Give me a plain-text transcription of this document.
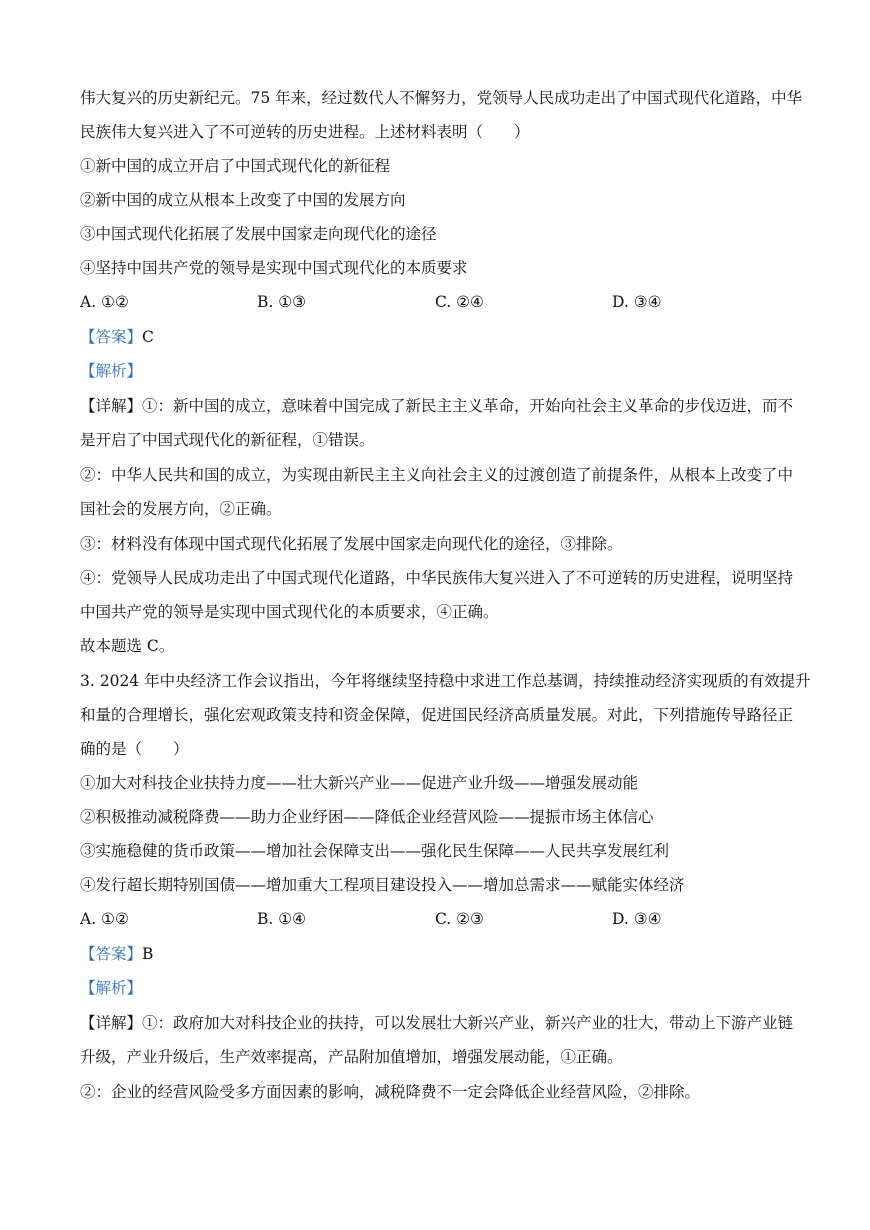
伟大复兴的历史新纪元。75 年来，经过数代人不懈努力，党领导人民成功走出了中国式现代化道路，中华
民族伟大复兴进入了不可逆转的历史进程。上述材料表明（　　）
①新中国的成立开启了中国式现代化的新征程
②新中国的成立从根本上改变了中国的发展方向
③中国式现代化拓展了发展中国家走向现代化的途径
④坚持中国共产党的领导是实现中国式现代化的本质要求
A. ①②	B. ①③	C. ②④	D. ③④
【答案】C
【解析】
【详解】①：新中国的成立，意味着中国完成了新民主主义革命，开始向社会主义革命的步伐迈进，而不
是开启了中国式现代化的新征程，①错误。
②：中华人民共和国的成立，为实现由新民主主义向社会主义的过渡创造了前提条件，从根本上改变了中
国社会的发展方向，②正确。
③：材料没有体现中国式现代化拓展了发展中国家走向现代化的途径，③排除。
④：党领导人民成功走出了中国式现代化道路，中华民族伟大复兴进入了不可逆转的历史进程，说明坚持
中国共产党的领导是实现中国式现代化的本质要求，④正确。
故本题选 C。
3. 2024 年中央经济工作会议指出，今年将继续坚持稳中求进工作总基调，持续推动经济实现质的有效提升
和量的合理增长，强化宏观政策支持和资金保障，促进国民经济高质量发展。对此，下列措施传导路径正
确的是（　　）
①加大对科技企业扶持力度——壮大新兴产业——促进产业升级——增强发展动能
②积极推动减税降费——助力企业纾困——降低企业经营风险——提振市场主体信心
③实施稳健的货币政策——增加社会保障支出——强化民生保障——人民共享发展红利
④发行超长期特别国债——增加重大工程项目建设投入——增加总需求——赋能实体经济
A. ①②	B. ①④	C. ②③	D. ③④
【答案】B
【解析】
【详解】①：政府加大对科技企业的扶持，可以发展壮大新兴产业，新兴产业的壮大，带动上下游产业链
升级，产业升级后，生产效率提高，产品附加值增加，增强发展动能，①正确。
②：企业的经营风险受多方面因素的影响，减税降费不一定会降低企业经营风险，②排除。
